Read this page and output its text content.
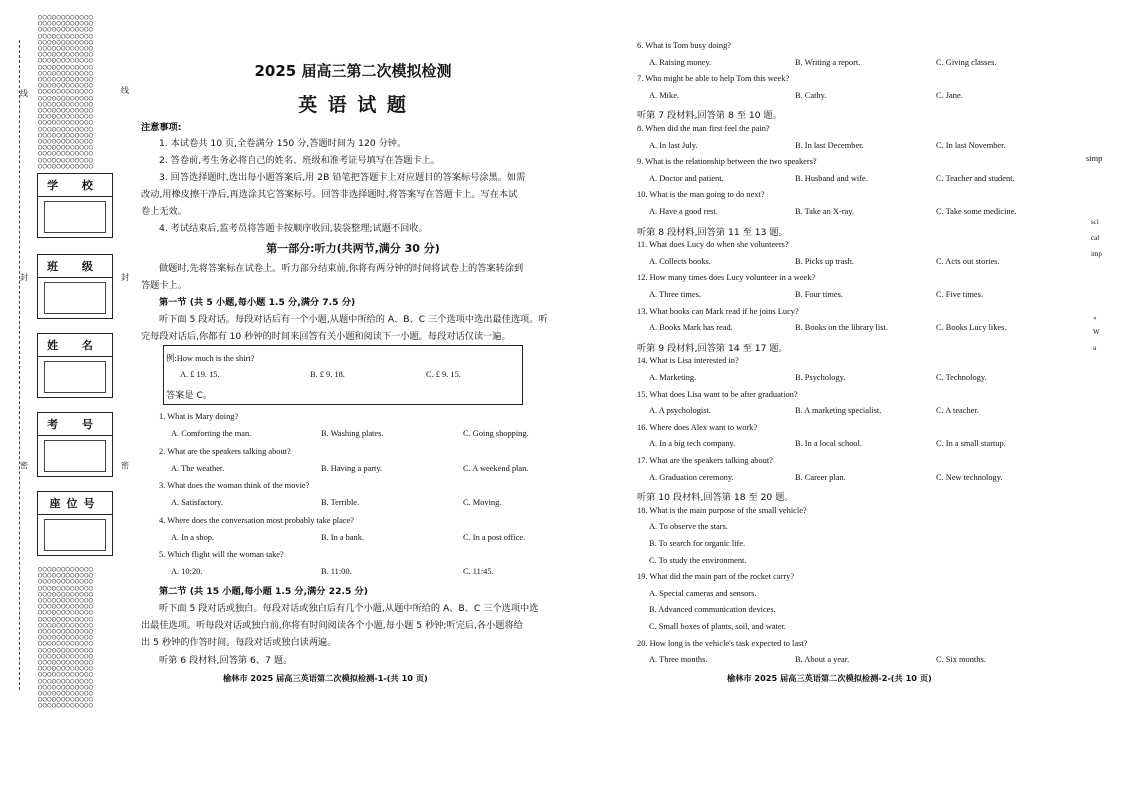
○○○○○○○○○○○○
○○○○○○○○○○○○
○○○○○○○○○○○○
○○○○○○○○○○○○
○○○○○○○○○○○○
○○○○○○○○○○○○
○○○○○○○○○○○○
○○○○○○○○○○○○
○○○○○○○○○○○○
○○○○○○○○○○○○
○○○○○○○○○○○○
○○○○○○○○○○○○
○○○○○○○○○○○○
○○○○○○○○○○○○
○○○○○○○○○○○○
○○○○○○○○○○○○
○○○○○○○○○○○○
○○○○○○○○○○○○
○○○○○○○○○○○○
○○○○○○○○○○○○
○○○○○○○○○○○○
○○○○○○○○○○○○
○○○○○○○○○○○○
○○○○○○○○○○○○
○○○○○○○○○○○○
○○○○○○○○○○○○
○○○○○○○○○○○○
○○○○○○○○○○○○
○○○○○○○○○○○○
○○○○○○○○○○○○
○○○○○○○○○○○○
○○○○○○○○○○○○
○○○○○○○○○○○○
○○○○○○○○○○○○
○○○○○○○○○○○○
○○○○○○○○○○○○
○○○○○○○○○○○○
○○○○○○○○○○○○
○○○○○○○○○○○○
○○○○○○○○○○○○
○○○○○○○○○○○○
○○○○○○○○○○○○
○○○○○○○○○○○○
○○○○○○○○○○○○
○○○○○○○○○○○○
○○○○○○○○○○○○
○○○○○○○○○○○○
○○○○○○○○○○○○
学 校
班 级
姓 名
考 号
座位号
线	线
封	封
密	密
2025 届高三第二次模拟检测
英 语 试 题
注意事项:
1. 本试卷共 10 页,全卷满分 150 分,答题时间为 120 分钟。
2. 答卷前,考生务必将自己的姓名、班级和准考证号填写在答题卡上。
3. 回答选择题时,选出每小题答案后,用 2B 铅笔把答题卡上对应题目的答案标号涂黑。如需
改动,用橡皮擦干净后,再选涂其它答案标号。回答非选择题时,将答案写在答题卡上。写在本试
卷上无效。
4. 考试结束后,监考员将答题卡按顺序收回,装袋整理;试题不回收。
第一部分:听力(共两节,满分 30 分)
做题时,先将答案标在试卷上。听力部分结束前,你将有两分钟的时间将试卷上的答案转涂到
答题卡上。
第一节 (共 5 小题,每小题 1.5 分,满分 7.5 分)
听下面 5 段对话。每段对话后有一个小题,从题中所给的 A、B、C 三个选项中选出最佳选项。听
完每段对话后,你都有 10 秒钟的时间来回答有关小题和阅读下一小题。每段对话仅读一遍。
例:How much is the shirt?
A. £ 19. 15.	B. £ 9. 18.	C. £ 9. 15.
答案是 C。
1. What is Mary doing?
A. Comforting the man.	B. Washing plates.	C. Going shopping.
2. What are the speakers talking about?
A. The weather.	B. Having a party.	C. A weekend plan.
3. What does the woman think of the movie?
A. Satisfactory.	B. Terrible.	C. Moving.
4. Where does the conversation most probably take place?
A. In a shop.	B. In a bank.	C. In a post office.
5. Which flight will the woman take?
A. 10:20.	B. 11:00.	C. 11:45.
第二节 (共 15 小题,每小题 1.5 分,满分 22.5 分)
听下面 5 段对话或独白。每段对话或独白后有几个小题,从题中所给的 A、B、C 三个选项中选
出最佳选项。听每段对话或独白前,你将有时间阅读各个小题,每小题 5 秒钟;听完后,各小题将给
出 5 秒钟的作答时间。每段对话或独白读两遍。
听第 6 段材料,回答第 6、7 题。
榆林市 2025 届高三英语第二次模拟检测-1-(共 10 页)
6. What is Tom busy doing?
A. Raising money.	B. Writing a report.	C. Giving classes.
7. Who might be able to help Tom this week?
A. Mike.	B. Cathy.	C. Jane.
听第 7 段材料,回答第 8 至 10 题。
8. When did the man first feel the pain?
A. In last July.	B. In last December.	C. In last November.
9. What is the relationship between the two speakers?
A. Doctor and patient.	B. Husband and wife.	C. Teacher and student.
10. What is the man going to do next?
A. Have a good rest.	B. Take an X-ray.	C. Take some medicine.
听第 8 段材料,回答第 11 至 13 题。
11. What does Lucy do when she volunteers?
A. Collects books.	B. Picks up trash.	C. Acts out stories.
12. How many times does Lucy volunteer in a week?
A. Three times.	B. Four times.	C. Five times.
13. What books can Mark read if he joins Lucy?
A. Books Mark has read.	B. Books on the library list.	C. Books Lucy likes.
听第 9 段材料,回答第 14 至 17 题。
14. What is Lisa interested in?
A. Marketing.	B. Psychology.	C. Technology.
15. What does Lisa want to be after graduation?
A. A psychologist.	B. A marketing specialist.	C. A teacher.
16. Where does Alex want to work?
A. In a big tech company.	B. In a local school.	C. In a small startup.
17. What are the speakers talking about?
A. Graduation ceremony.	B. Career plan.	C. New technology.
听第 10 段材料,回答第 18 至 20 题。
18. What is the main purpose of the small vehicle?
A. To observe the stars.
B. To search for organic life.
C. To study the environment.
19. What did the main part of the rocket carry?
A. Special cameras and sensors.
B. Advanced communication devices.
C. Small boxes of plants, soil, and water.
20. How long is the vehicle's task expected to last?
A. Three months.	B. About a year.	C. Six months.
榆林市 2025 届高三英语第二次模拟检测-2-(共 10 页)
simp
sci
cal
imp
«
W
a
